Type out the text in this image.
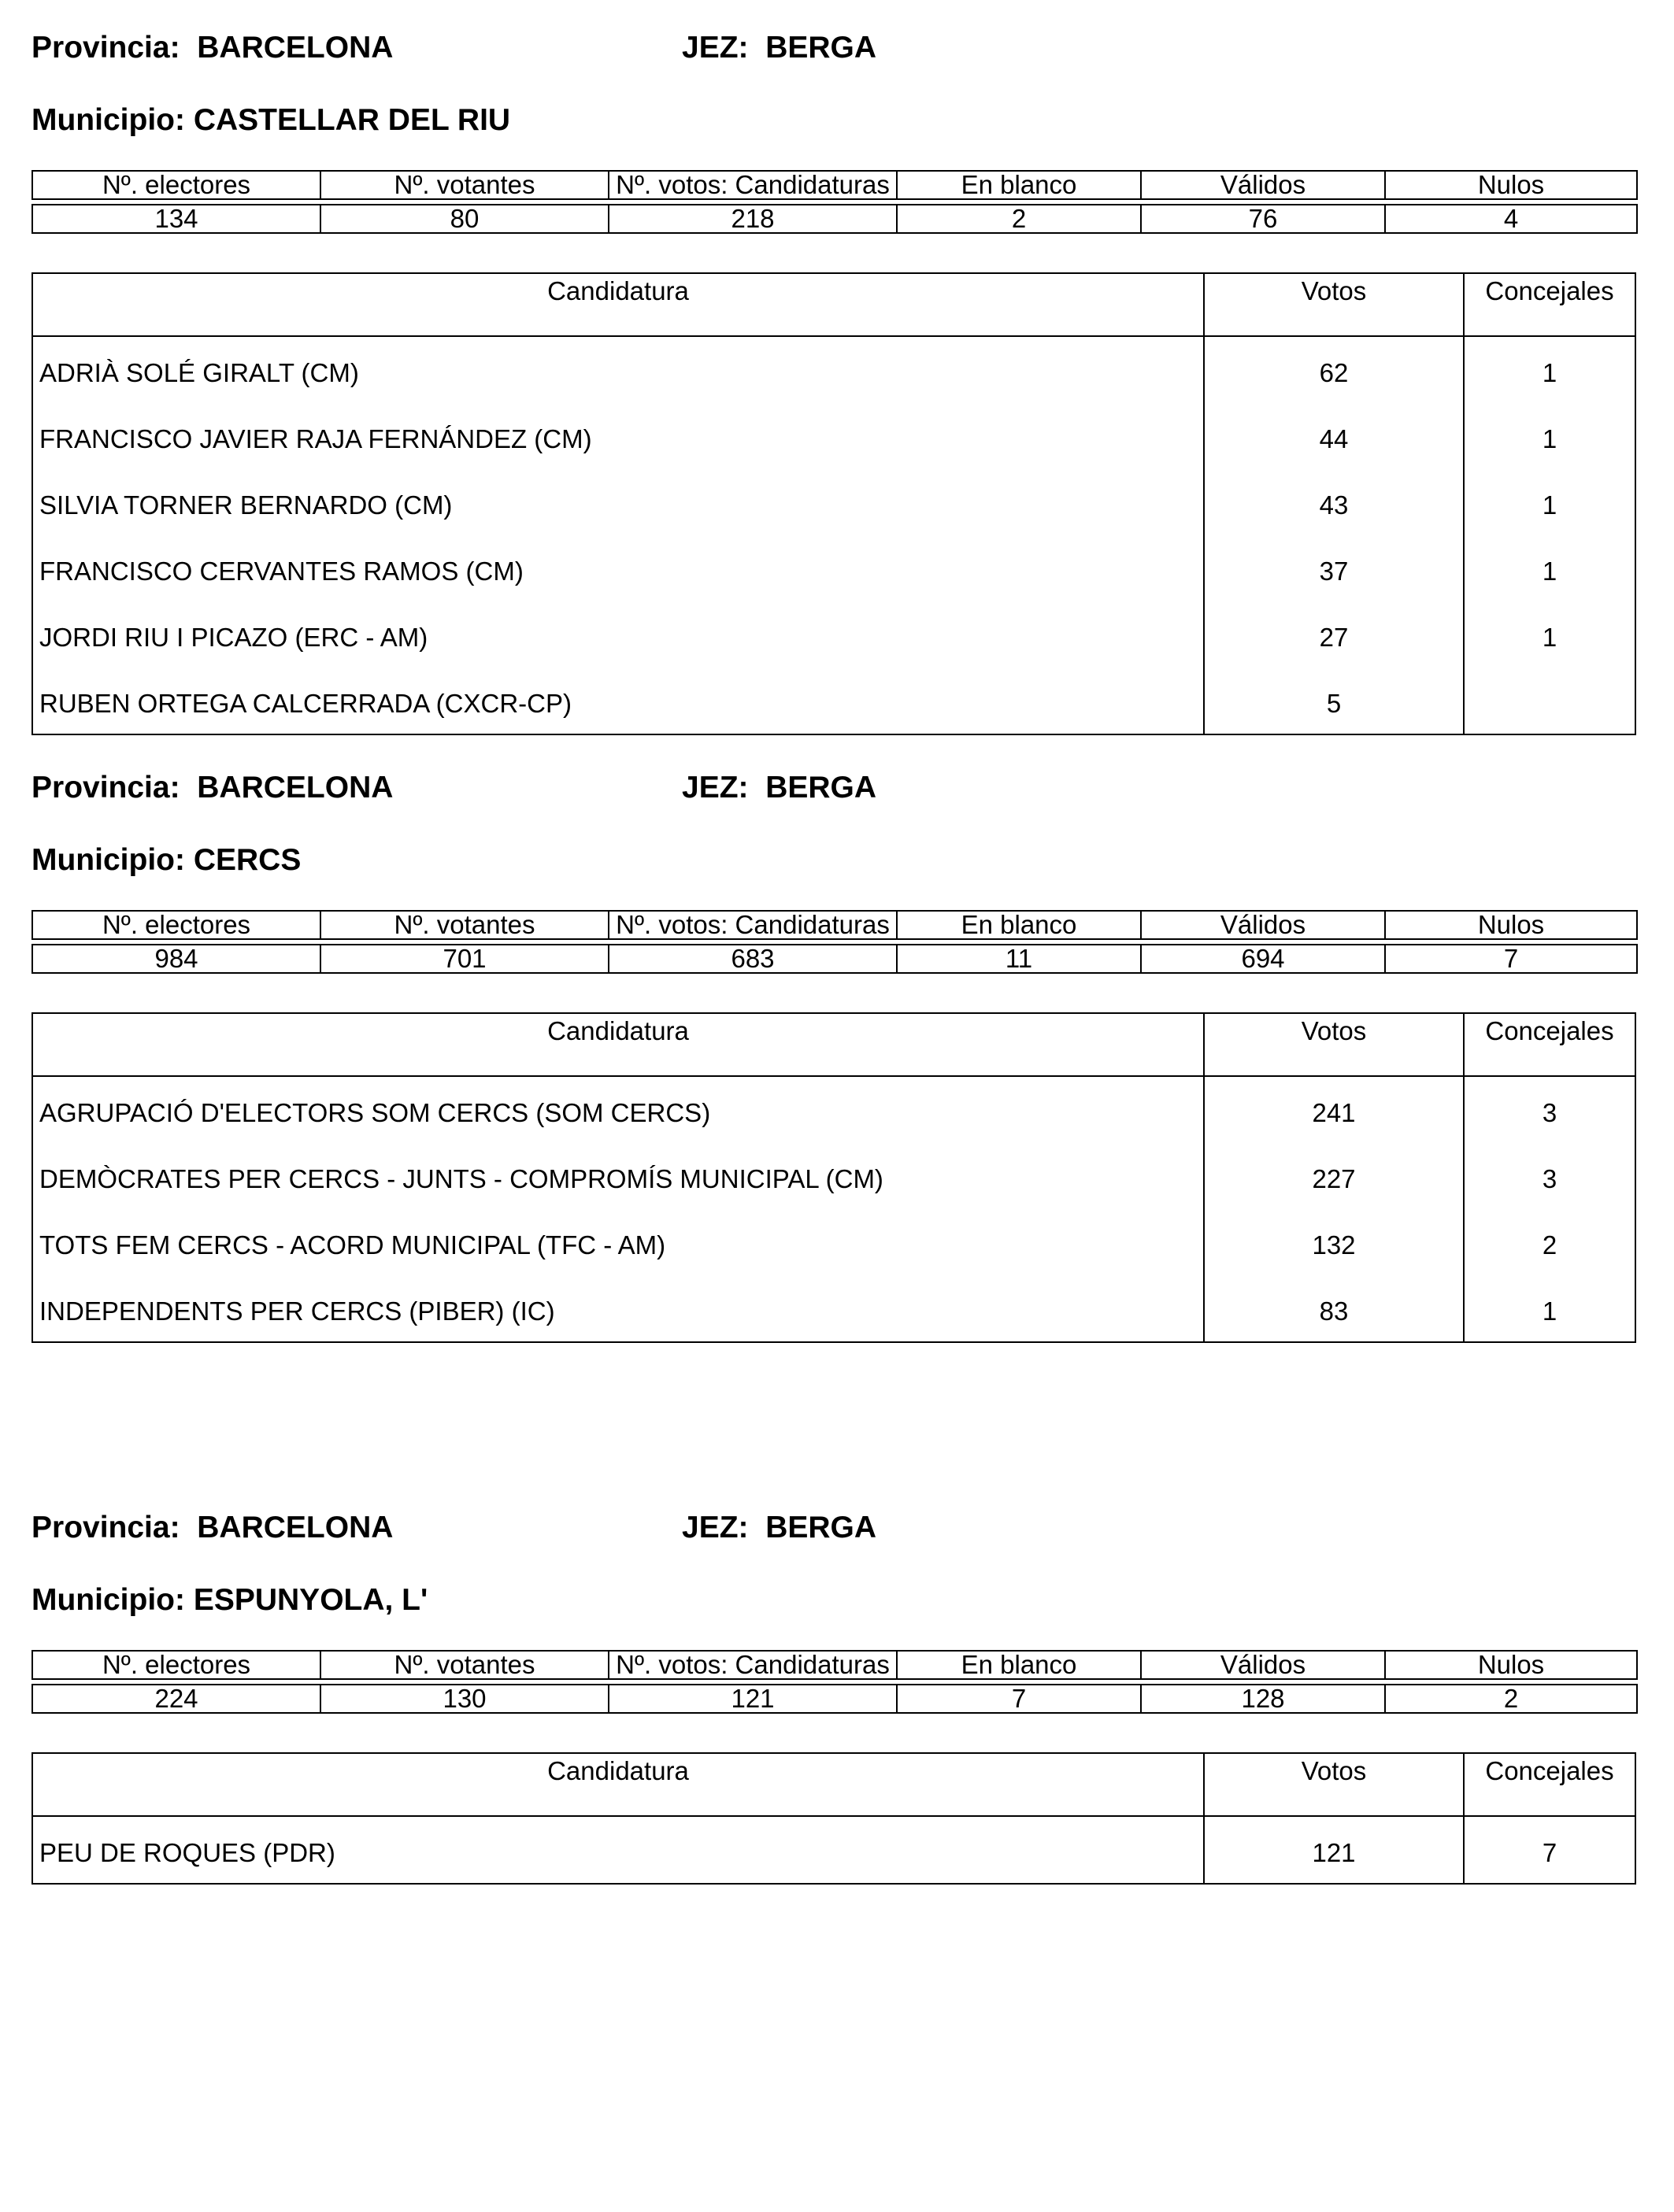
Provincia: BARCELONA	JEZ: BERGA
Municipio: CASTELLAR DEL RIU
Nº. electores	Nº. votantes	Nº. votos: Candidaturas	En blanco	Válidos	Nulos

134	80	218	2	76	4
Candidatura	Votos	Concejales
ADRIÀ SOLÉ GIRALT (CM)	62	1
FRANCISCO JAVIER RAJA FERNÁNDEZ (CM)	44	1
SILVIA TORNER BERNARDO (CM)	43	1
FRANCISCO CERVANTES RAMOS (CM)	37	1
JORDI RIU I PICAZO (ERC - AM)	27	1
RUBEN ORTEGA CALCERRADA (CXCR-CP)	5
Provincia: BARCELONA	JEZ: BERGA
Municipio: CERCS
Nº. electores	Nº. votantes	Nº. votos: Candidaturas	En blanco	Válidos	Nulos

984	701	683	11	694	7
Candidatura	Votos	Concejales
AGRUPACIÓ D'ELECTORS SOM CERCS (SOM CERCS)	241	3
DEMÒCRATES PER CERCS - JUNTS - COMPROMÍS MUNICIPAL (CM)	227	3
TOTS FEM CERCS - ACORD MUNICIPAL (TFC - AM)	132	2
INDEPENDENTS PER CERCS (PIBER) (IC)	83	1
Provincia: BARCELONA	JEZ: BERGA
Municipio: ESPUNYOLA, L'
Nº. electores	Nº. votantes	Nº. votos: Candidaturas	En blanco	Válidos	Nulos

224	130	121	7	128	2
Candidatura	Votos	Concejales
PEU DE ROQUES (PDR)	121	7
